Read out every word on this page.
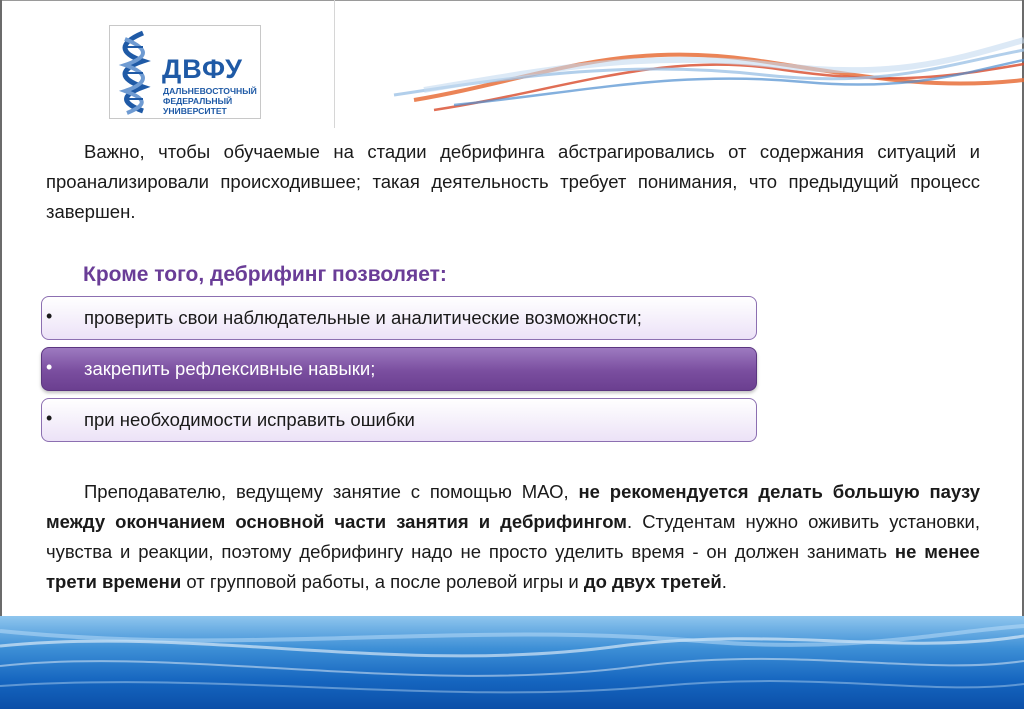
ДВФУ
ДАЛЬНЕВОСТОЧНЫЙ
ФЕДЕРАЛЬНЫЙ
УНИВЕРСИТЕТ
Важно, чтобы обучаемые на стадии дебрифинга абстрагировались от содержания ситуаций и проанализировали происходившее; такая деятельность требует понимания, что предыдущий процесс завершен.
Кроме того, дебрифинг позволяет:
• проверить свои наблюдательные и аналитические возможности;
• закрепить рефлексивные навыки;
• при необходимости исправить ошибки
Преподавателю, ведущему занятие с помощью МАО, не рекомендуется делать большую паузу между окончанием основной части занятия и дебрифингом. Студентам нужно оживить установки, чувства и реакции, поэтому дебрифингу надо не просто уделить время - он должен занимать не менее трети времени от групповой работы, а после ролевой игры и до двух третей.
